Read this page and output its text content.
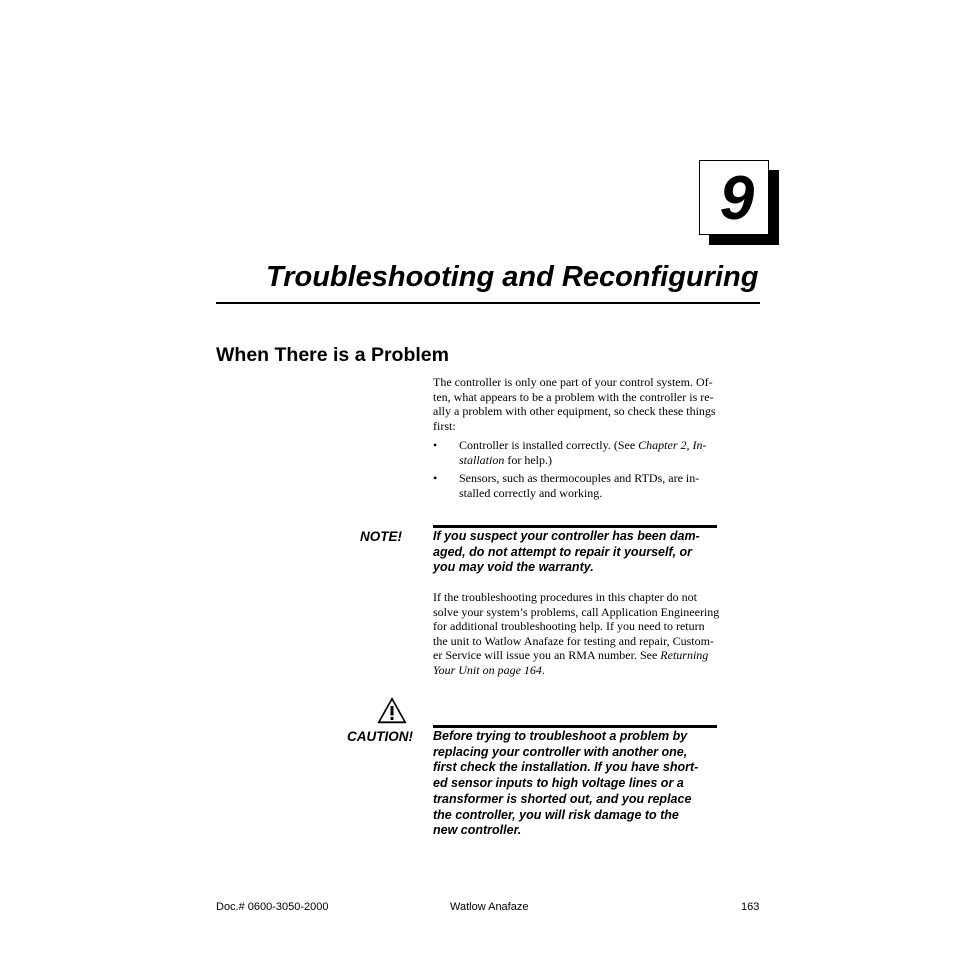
9
Troubleshooting and Reconfiguring
When There is a Problem
The controller is only one part of your control system. Of-
ten, what appears to be a problem with the controller is re-
ally a problem with other equipment, so check these things
first:
• Controller is installed correctly. (See Chapter 2, In-
stallation for help.)
• Sensors, such as thermocouples and RTDs, are in-
stalled correctly and working.
NOTE! If you suspect your controller has been dam-
aged, do not attempt to repair it yourself, or
you may void the warranty.
If the troubleshooting procedures in this chapter do not
solve your system’s problems, call Application Engineering
for additional troubleshooting help. If you need to return
the unit to Watlow Anafaze for testing and repair, Custom-
er Service will issue you an RMA number. See Returning
Your Unit on page 164.
CAUTION! Before trying to troubleshoot a problem by
replacing your controller with another one,
first check the installation. If you have short-
ed sensor inputs to high voltage lines or a
transformer is shorted out, and you replace
the controller, you will risk damage to the
new controller.
Doc.# 0600-3050-2000	Watlow Anafaze	163
